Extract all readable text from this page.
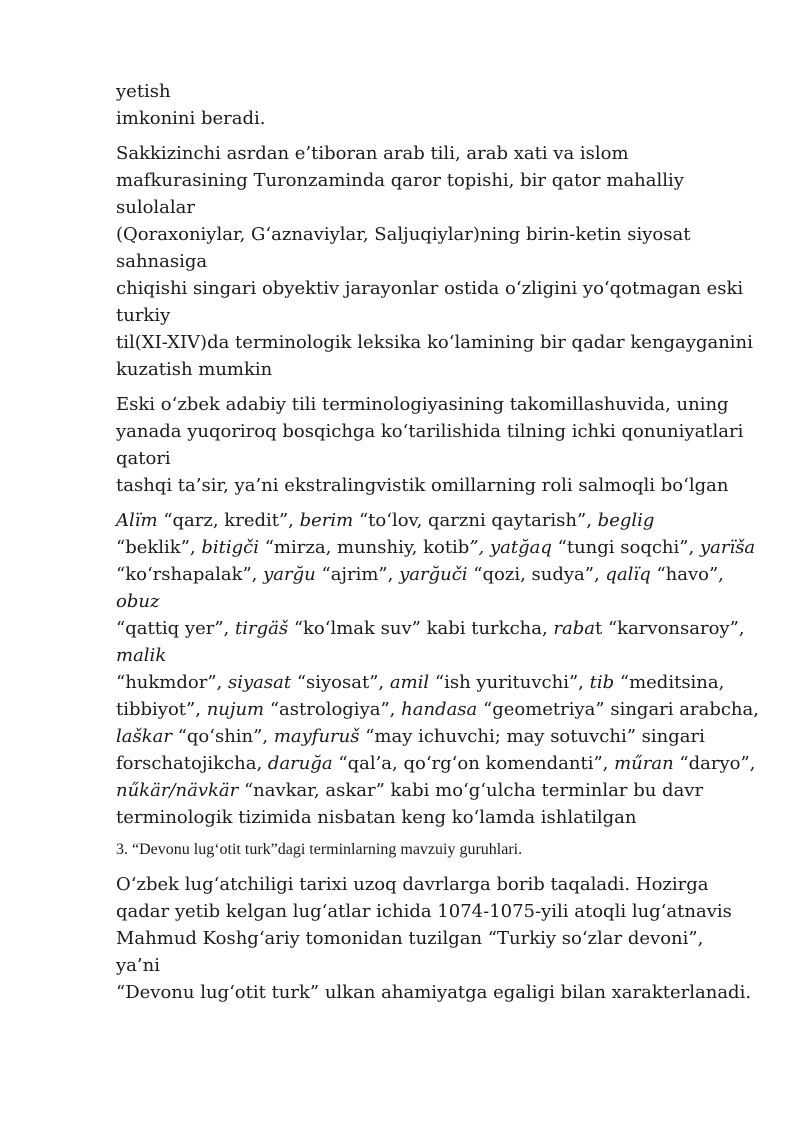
yetish
imkonini beradi.

Sakkizinchi asrdan e’tiboran arab tili, arab xati va islom
mafkurasining Turonzaminda qaror topishi, bir qator mahalliy
sulolalar
(Qoraxoniylar, G‘aznaviylar, Saljuqiylar)ning birin-ketin siyosat
sahnasiga
chiqishi singari obyektiv jarayonlar ostida o‘zligini yo‘qotmagan eski
turkiy
til(XI-XIV)da terminologik leksika ko‘lamining bir qadar kengayganini
kuzatish mumkin

Eski o‘zbek adabiy tili terminologiyasining takomillashuvida, uning
yanada yuqoriroq bosqichga ko‘tarilishida tilning ichki qonuniyatlari
qatori
tashqi ta’sir, ya’ni ekstralingvistik omillarning roli salmoqli bo‘lgan

Alïm “qarz, kredit”, berim “to‘lov, qarzni qaytarish”, beglig
“beklik”, bitigči “mirza, munshiy, kotib”, yatğaq “tungi soqchi”, yarïša
“ko‘rshapalak”, yarğu “ajrim”, yarğuči “qozi, sudya”, qalïq “havo”,
obuz
“qattiq yer”, tirgäš “ko‘lmak suv” kabi turkcha, rabat “karvonsaroy”,
malik
“hukmdor”, siyasat “siyosat”, amil “ish yurituvchi”, tib “meditsina,
tibbiyot”, nujum “astrologiya”, handasa “geometriya” singari arabcha,
laškar “qo‘shin”, mayfuruš “may ichuvchi; may sotuvchi” singari
forschatojikcha, daruğa “qal’a, qo‘rg‘on komendanti”, műran “daryo”,
nűkär/nävkär “navkar, askar” kabi mo‘g‘ulcha terminlar bu davr
terminologik tizimida nisbatan keng ko‘lamda ishlatilgan

3. “Devonu lug‘otit turk”dagi terminlarning mavzuiy guruhlari.

O‘zbek lug‘atchiligi tarixi uzoq davrlarga borib taqaladi. Hozirga
qadar yetib kelgan lug‘atlar ichida 1074-1075-yili atoqli lug‘atnavis
Mahmud Koshg‘ariy tomonidan tuzilgan “Turkiy so‘zlar devoni”,
ya’ni
“Devonu lug‘otit turk” ulkan ahamiyatga egaligi bilan xarakterlanadi.
